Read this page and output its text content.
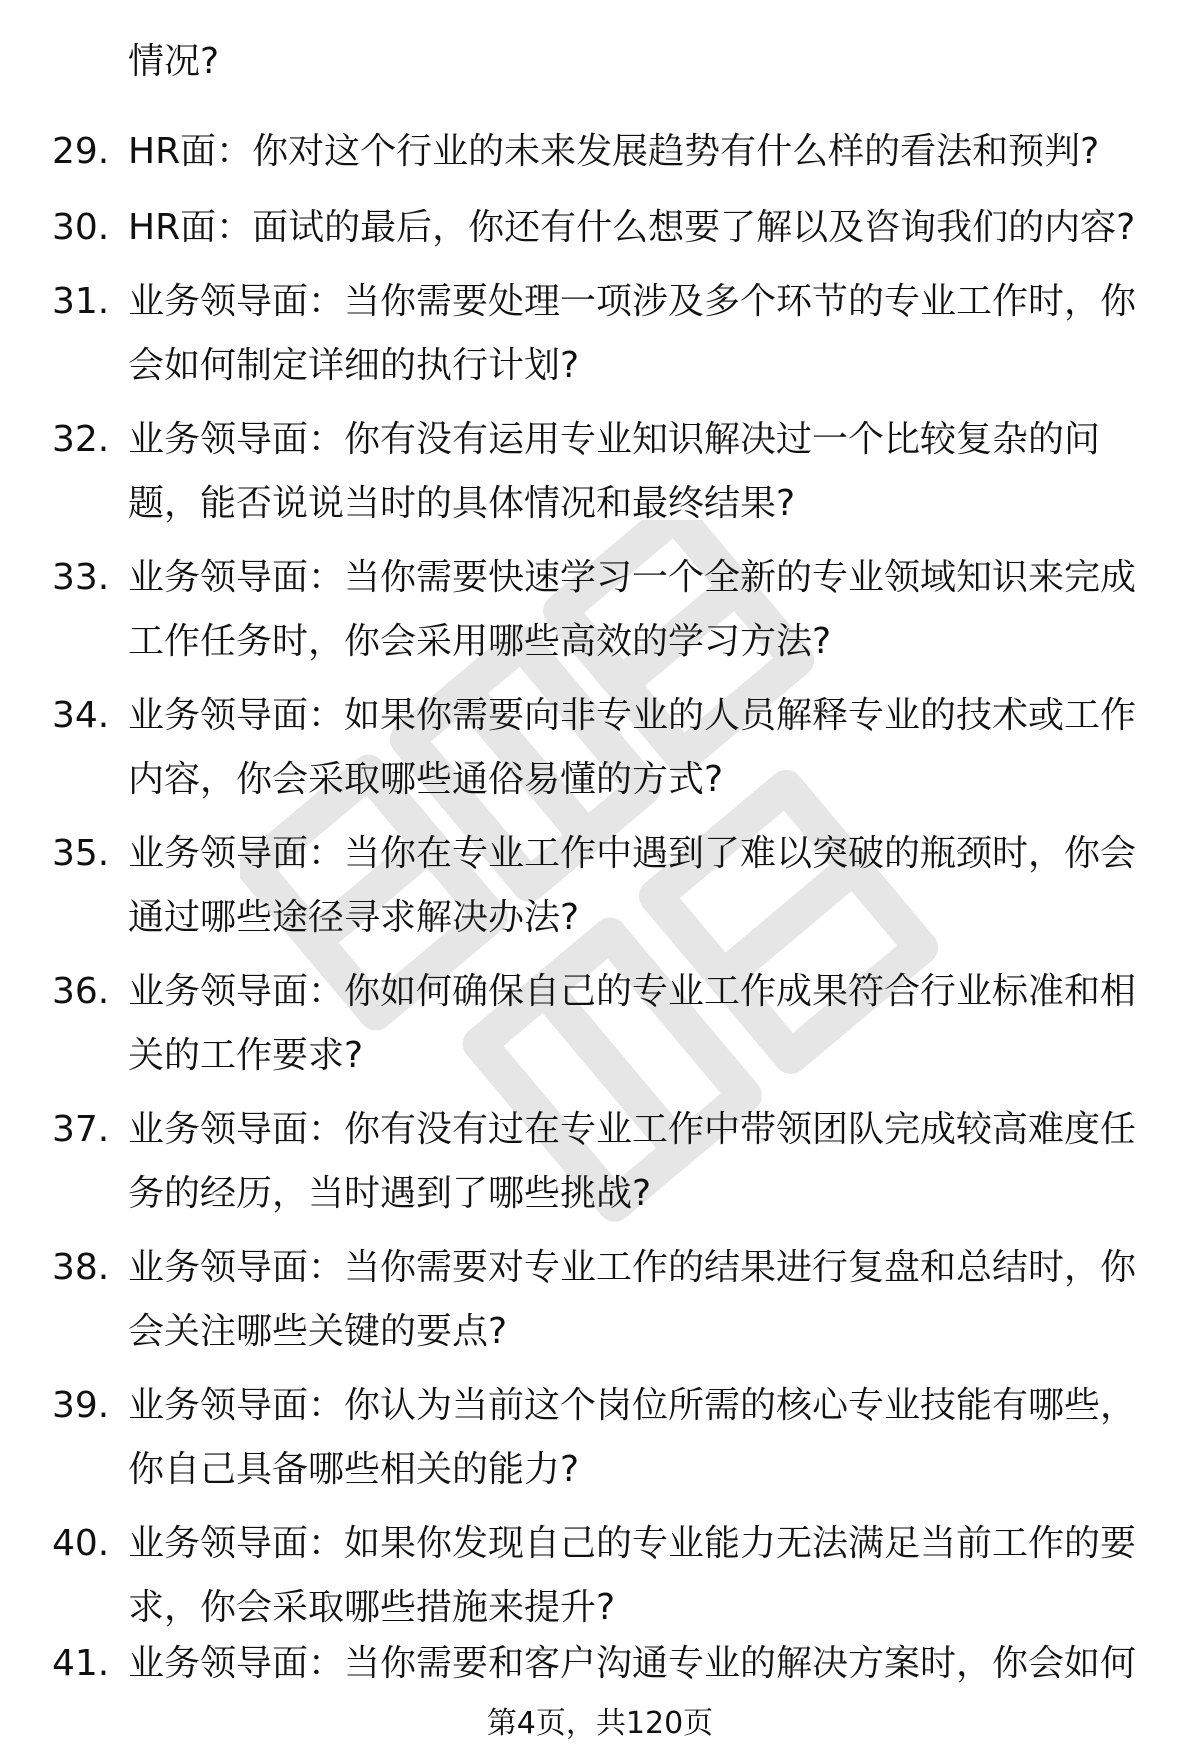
情况?
29. HR面：你对这个行业的未来发展趋势有什么样的看法和预判?
30. HR面：面试的最后，你还有什么想要了解以及咨询我们的内容?
31. 业务领导面：当你需要处理一项涉及多个环节的专业工作时，你
会如何制定详细的执行计划?
32. 业务领导面：你有没有运用专业知识解决过一个比较复杂的问
题，能否说说当时的具体情况和最终结果?
33. 业务领导面：当你需要快速学习一个全新的专业领域知识来完成
工作任务时，你会采用哪些高效的学习方法?
34. 业务领导面：如果你需要向非专业的人员解释专业的技术或工作
内容，你会采取哪些通俗易懂的方式?
35. 业务领导面：当你在专业工作中遇到了难以突破的瓶颈时，你会
通过哪些途径寻求解决办法?
36. 业务领导面：你如何确保自己的专业工作成果符合行业标准和相
关的工作要求?
37. 业务领导面：你有没有过在专业工作中带领团队完成较高难度任
务的经历，当时遇到了哪些挑战?
38. 业务领导面：当你需要对专业工作的结果进行复盘和总结时，你
会关注哪些关键的要点?
39. 业务领导面：你认为当前这个岗位所需的核心专业技能有哪些，
你自己具备哪些相关的能力?
40. 业务领导面：如果你发现自己的专业能力无法满足当前工作的要
求，你会采取哪些措施来提升?
41. 业务领导面：当你需要和客户沟通专业的解决方案时，你会如何
第4页，共120页
